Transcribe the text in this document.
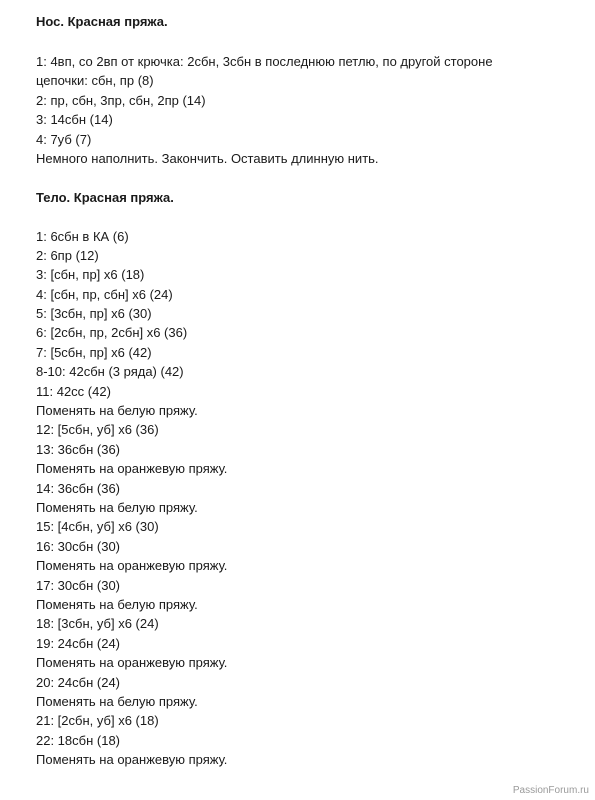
Нос. Красная пряжа.
1: 4вп, со 2вп от крючка: 2сбн, 3сбн в последнюю петлю, по другой стороне
цепочки: сбн, пр (8)
2: пр, сбн, 3пр, сбн, 2пр (14)
3: 14сбн (14)
4: 7уб (7)
Немного наполнить. Закончить. Оставить длинную нить.
Тело. Красная пряжа.
1: 6сбн в КА (6)
2: 6пр (12)
3: [сбн, пр] х6 (18)
4: [сбн, пр, сбн] х6 (24)
5: [3сбн, пр] х6 (30)
6: [2сбн, пр, 2сбн] х6 (36)
7: [5сбн, пр] х6 (42)
8-10: 42сбн (3 ряда) (42)
11: 42сс (42)
Поменять на белую пряжу.
12: [5сбн, уб] х6 (36)
13: 36сбн (36)
Поменять на оранжевую пряжу.
14: 36сбн (36)
Поменять на белую пряжу.
15: [4сбн, уб] х6 (30)
16: 30сбн (30)
Поменять на оранжевую пряжу.
17: 30сбн (30)
Поменять на белую пряжу.
18: [3сбн, уб] х6 (24)
19: 24сбн (24)
Поменять на оранжевую пряжу.
20: 24сбн (24)
Поменять на белую пряжу.
21: [2сбн, уб] х6 (18)
22: 18сбн (18)
Поменять на оранжевую пряжу.
PassionForum.ru
